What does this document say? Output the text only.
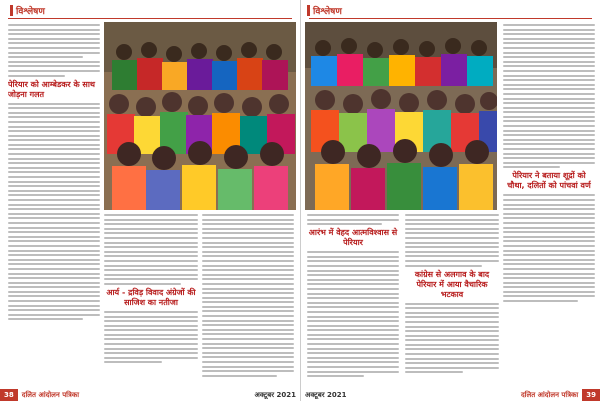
विश्लेषण
पेरियार को आम्बेडकर के साथ जोड़ना गलत
आर्य - द्रविड़ विवाद अंग्रेजों की साजिश का नतीजा
38	दलित आंदोलन पत्रिका	अक्टूबर 2021
विश्लेषण
पेरियार ने बताया शूद्रों को चौथा, दलितों को पांचवां वर्ण
आरंभ में वेहद आत्मविश्वास से पेरियार
कांग्रेस से अलगाव के बाद पेरियार में आया वैचारिक भटकाव
अक्टूबर 2021	दलित आंदोलन पत्रिका	39
